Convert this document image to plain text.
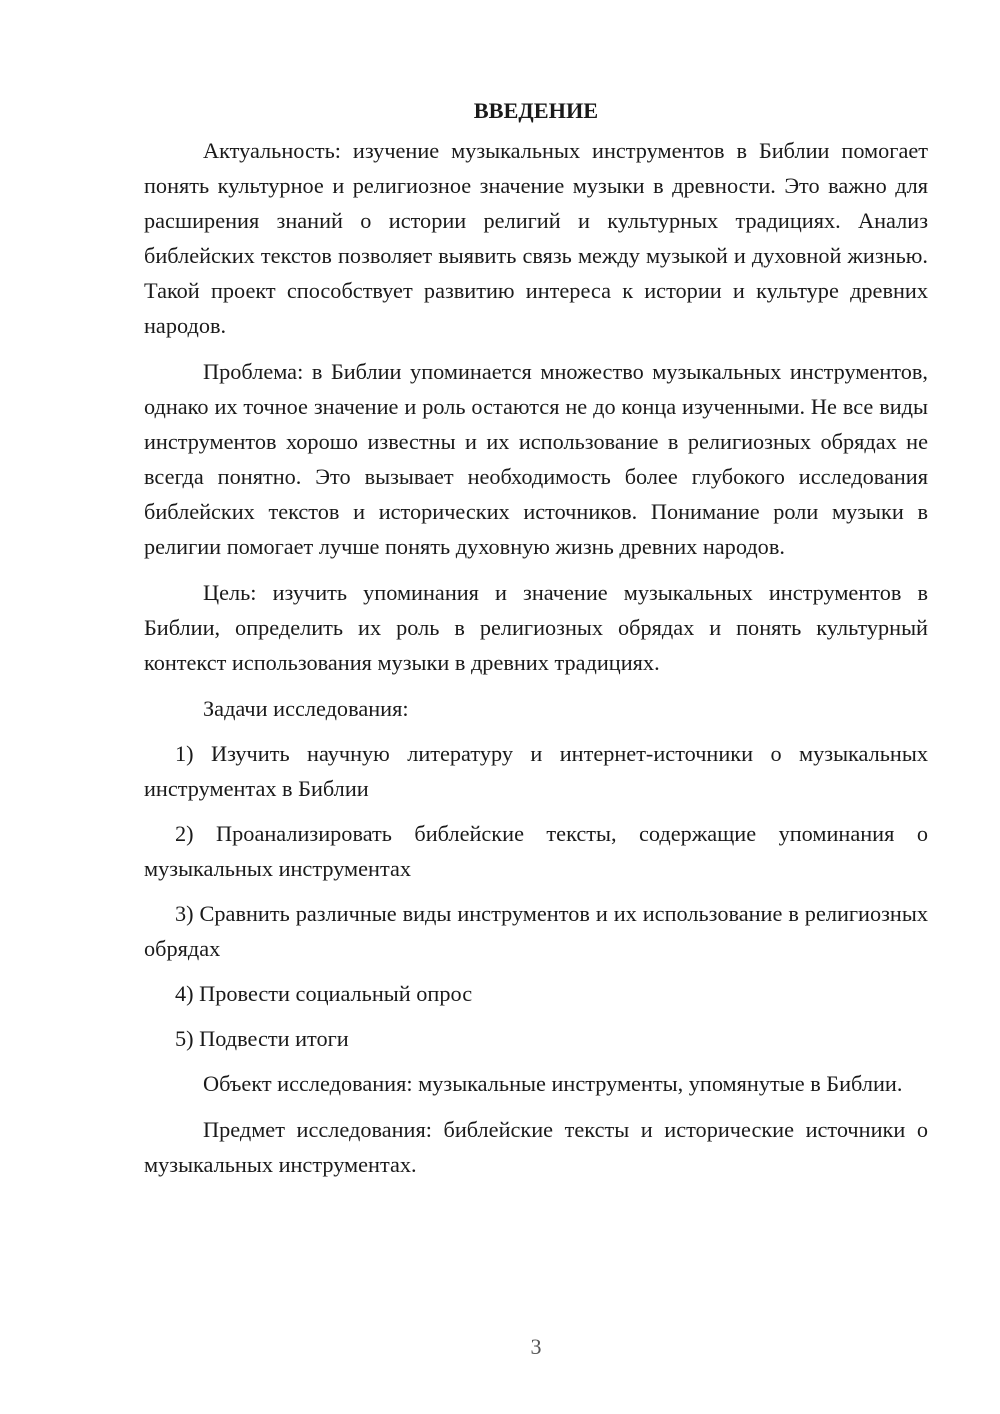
ВВЕДЕНИЕ

Актуальность: изучение музыкальных инструментов в Библии помогает понять культурное и религиозное значение музыки в древности. Это важно для расширения знаний о истории религий и культурных традициях. Анализ библейских текстов позволяет выявить связь между музыкой и духовной жизнью. Такой проект способствует развитию интереса к истории и культуре древних народов.

Проблема: в Библии упоминается множество музыкальных инструментов, однако их точное значение и роль остаются не до конца изученными. Не все виды инструментов хорошо известны и их использование в религиозных обрядах не всегда понятно. Это вызывает необходимость более глубокого исследования библейских текстов и исторических источников. Понимание роли музыки в религии помогает лучше понять духовную жизнь древних народов.

Цель: изучить упоминания и значение музыкальных инструментов в Библии, определить их роль в религиозных обрядах и понять культурный контекст использования музыки в древних традициях.

Задачи исследования:

1) Изучить научную литературу и интернет-источники о музыкальных инструментах в Библии

2) Проанализировать библейские тексты, содержащие упоминания о музыкальных инструментах

3) Сравнить различные виды инструментов и их использование в религиозных обрядах

4) Провести социальный опрос

5) Подвести итоги

Объект исследования: музыкальные инструменты, упомянутые в Библии.

Предмет исследования: библейские тексты и исторические источники о музыкальных инструментах.

3
